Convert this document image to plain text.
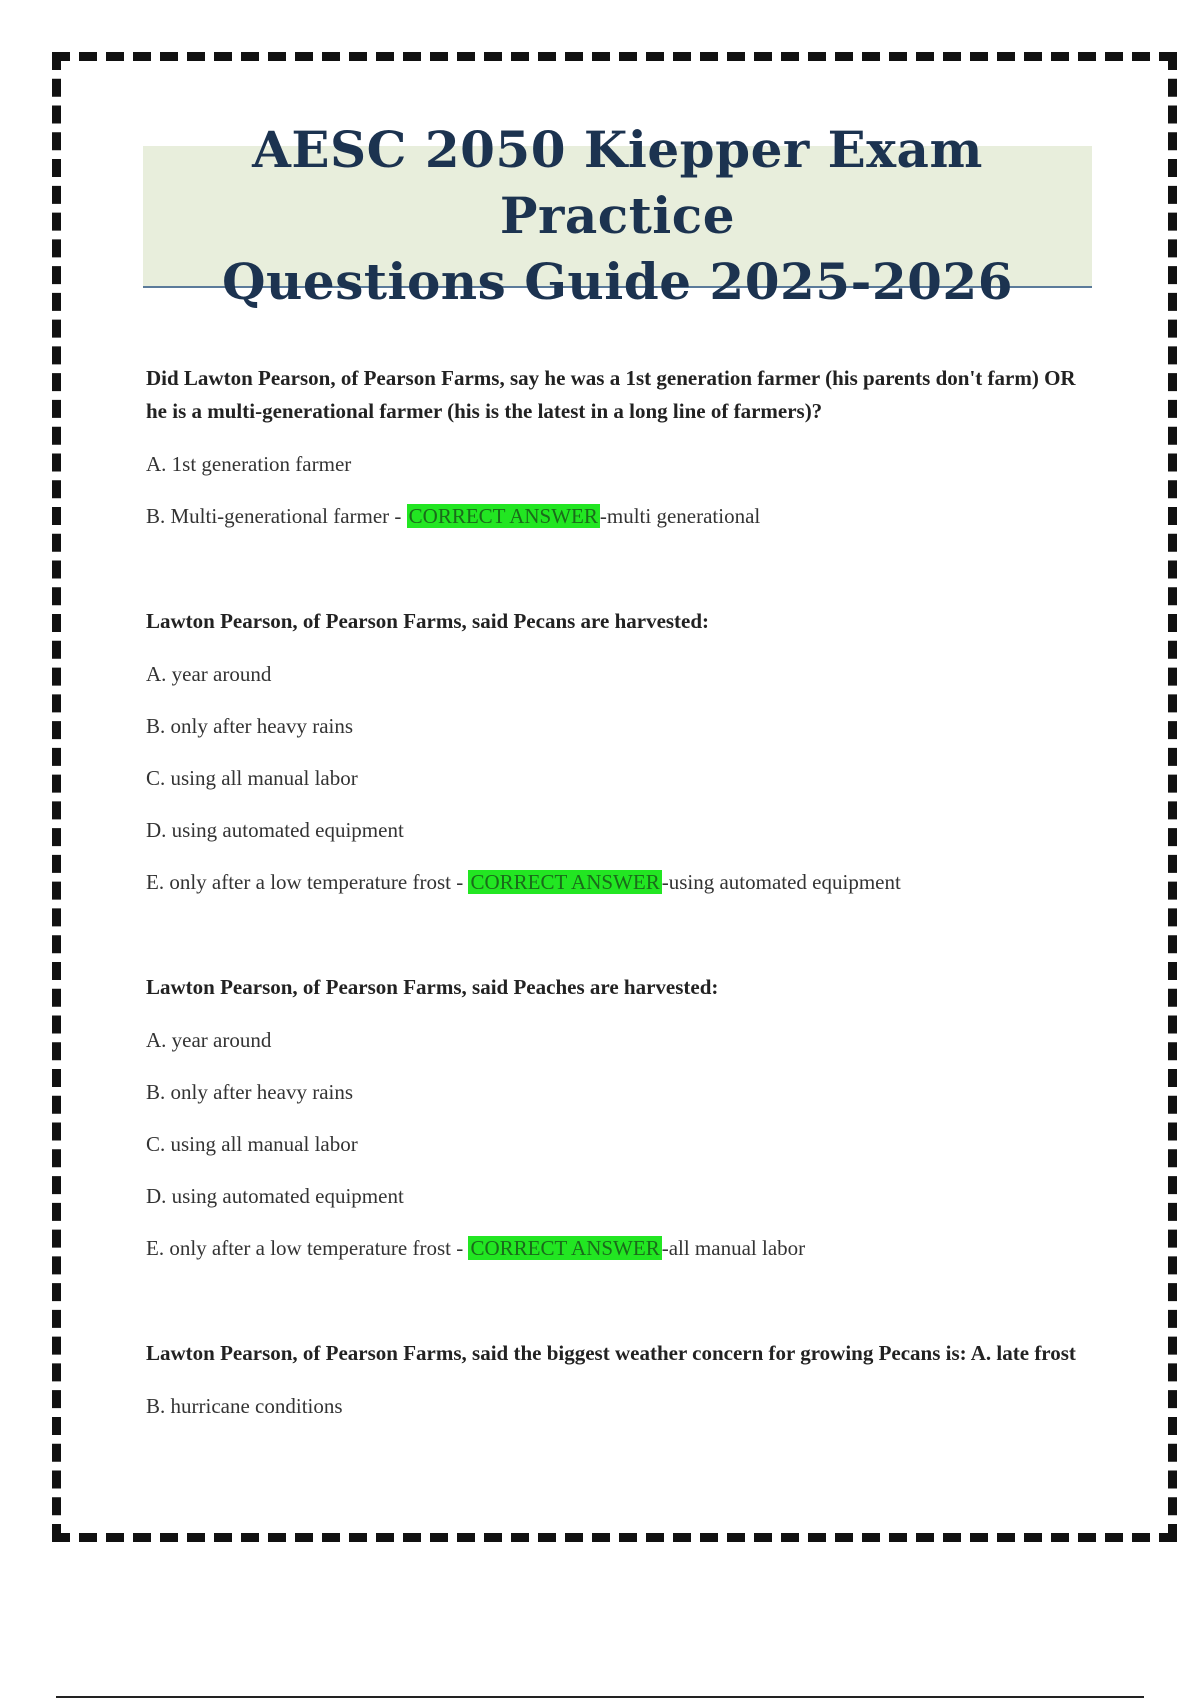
AESC 2050 Kiepper Exam Practice
Questions Guide 2025-2026

Did Lawton Pearson, of Pearson Farms, say he was a 1st generation farmer (his parents don't farm) OR he is a multi-generational farmer (his is the latest in a long line of farmers)?

A. 1st generation farmer

B. Multi-generational farmer - CORRECT ANSWER-multi generational

Lawton Pearson, of Pearson Farms, said Pecans are harvested:

A. year around

B. only after heavy rains

C. using all manual labor

D. using automated equipment

E. only after a low temperature frost - CORRECT ANSWER-using automated equipment

Lawton Pearson, of Pearson Farms, said Peaches are harvested:

A. year around

B. only after heavy rains

C. using all manual labor

D. using automated equipment

E. only after a low temperature frost - CORRECT ANSWER-all manual labor

Lawton Pearson, of Pearson Farms, said the biggest weather concern for growing Pecans is: A. late frost

B. hurricane conditions
